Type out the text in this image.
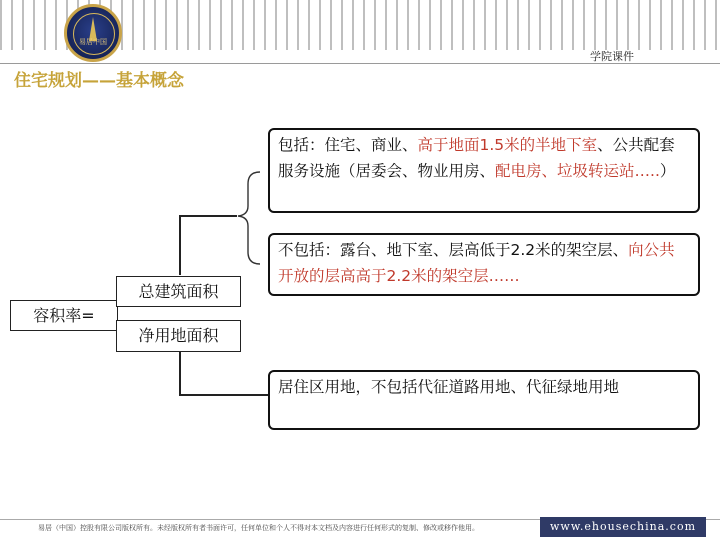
易居中国
学院课件
住宅规划——基本概念
容积率=
总建筑面积
净用地面积
包括：住宅、商业、高于地面1.5米的半地下室、公共配套服务设施（居委会、物业用房、配电房、垃圾转运站…..）
不包括：露台、地下室、层高低于2.2米的架空层、向公共开放的层高高于2.2米的架空层……
居住区用地，不包括代征道路用地、代征绿地用地
易居（中国）控股有限公司版权所有。未经版权所有者书面许可，任何单位和个人不得对本文档及内容进行任何形式的复制、修改或移作他用。	www.ehousechina.com
